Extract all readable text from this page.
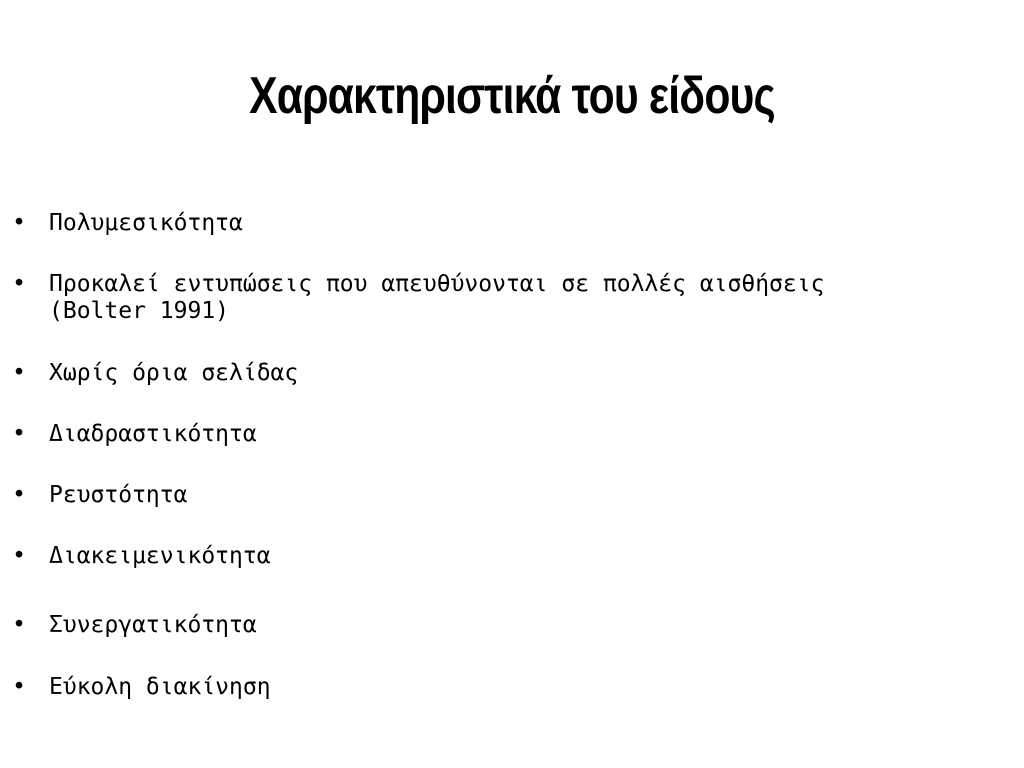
Χαρακτηριστικά του είδους
• Πολυμεσικότητα
• Προκαλεί εντυπώσεις που απευθύνονται σε πολλές αισθήσεις
(Bolter 1991)
• Χωρίς όρια σελίδας
• Διαδραστικότητα
• Ρευστότητα
• Διακειμενικότητα
• Συνεργατικότητα
• Εύκολη διακίνηση
